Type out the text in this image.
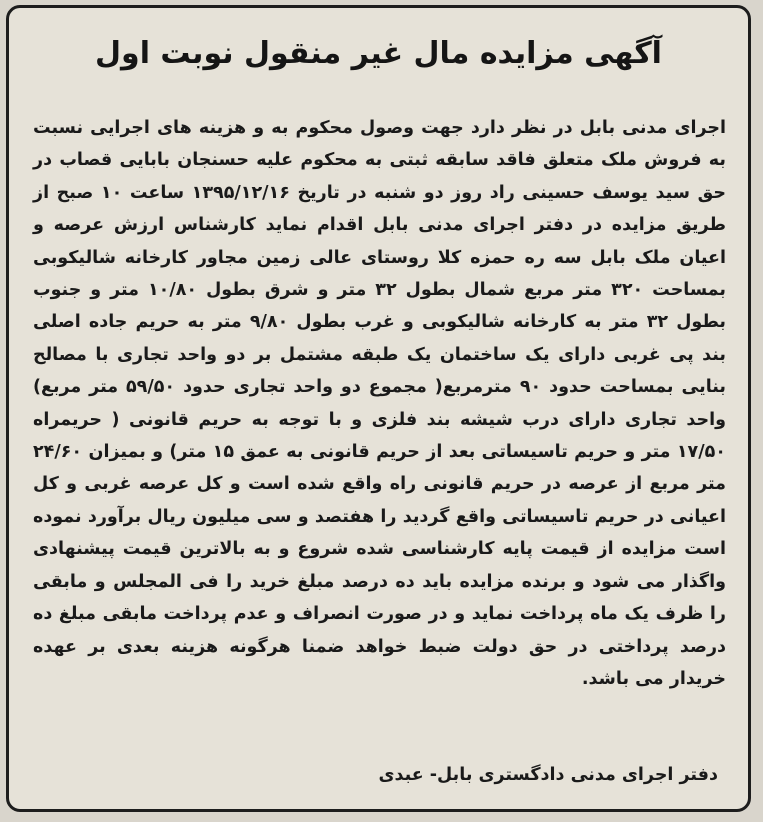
آگهی مزایده مال غیر منقول نوبت اول
اجرای مدنی بابل در نظر دارد جهت وصول محکوم به و هزینه های اجرایی نسبت به فروش ملک متعلق فاقد سابقه ثبتی به محکوم علیه حسنجان بابایی قصاب در حق سید یوسف حسینی راد روز دو شنبه در تاریخ ۱۳۹۵/۱۲/۱۶ ساعت ۱۰ صبح از طریق مزایده در دفتر اجرای مدنی بابل اقدام نماید کارشناس ارزش عرصه و اعیان ملک بابل سه ره حمزه کلا روستای عالی زمین مجاور کارخانه شالیکوبی بمساحت ۳۲۰ متر مربع شمال بطول ۳۲ متر و شرق بطول ۱۰/۸۰ متر و جنوب بطول ۳۲ متر به کارخانه شالیکوبی و غرب بطول ۹/۸۰ متر به حریم جاده اصلی بند پی غربی دارای یک ساختمان یک طبقه مشتمل بر دو واحد تجاری با مصالح بنایی بمساحت حدود ۹۰ مترمربع( مجموع دو واحد تجاری حدود ۵۹/۵۰ متر مربع) واحد تجاری دارای درب شیشه بند فلزی و با توجه به حریم قانونی ( حریمراه ۱۷/۵۰ متر و حریم تاسیساتی بعد از حریم قانونی به عمق ۱۵ متر) و بمیزان ۲۴/۶۰ متر مربع از عرصه در حریم قانونی راه واقع شده است و کل عرصه غربی و کل اعیانی در حریم تاسیساتی واقع گردید را هفتصد و سی میلیون ریال برآورد نموده است مزایده از قیمت پایه کارشناسی شده شروع و به بالاترین قیمت پیشنهادی واگذار می شود و برنده مزایده باید ده درصد مبلغ خرید را فی المجلس و مابقی را ظرف یک ماه پرداخت نماید و در صورت انصراف و عدم پرداخت مابقی مبلغ ده درصد پرداختی در حق دولت ضبط خواهد ضمنا هرگونه هزینه بعدی بر عهده خریدار می باشد.
دفتر اجرای مدنی دادگستری بابل- عبدی
